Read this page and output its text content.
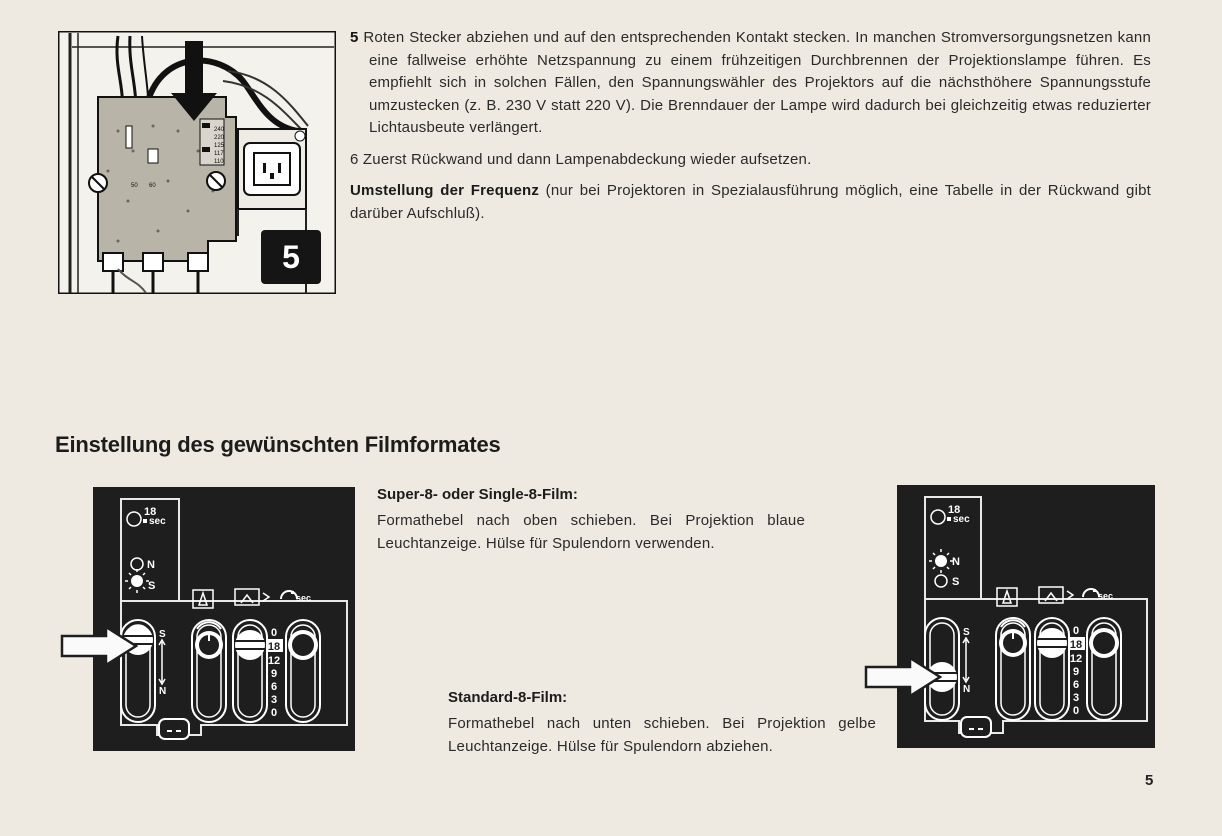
240
220
125
117
110
50 60
5

5 Roten Stecker abziehen und auf den entsprechenden Kontakt stecken. In manchen Stromversorgungsnetzen kann eine fallweise erhöhte Netzspannung zu einem frühzeitigen Durchbrennen der Projektionslampe führen. Es empfiehlt sich in solchen Fällen, den Spannungswähler des Projektors auf die nächsthöhere Spannungsstufe umzustecken (z. B. 230 V statt 220 V). Die Brenndauer der Lampe wird dadurch bei gleichzeitig etwas reduzierter Lichtausbeute verlängert.

6 Zuerst Rückwand und dann Lampenabdeckung wieder aufsetzen.

Umstellung der Frequenz (nur bei Projektoren in Spezialausführung möglich, eine Tabelle in der Rückwand gibt darüber Aufschluß).

Einstellung des gewünschten Filmformates
18
sec
N
S
sec
S
N
0
18
12
9
6
3
0

Super-8- oder Single-8-Film:

Formathebel nach oben schieben. Bei Projektion blaue Leuchtanzeige. Hülse für Spulendorn verwenden.

Standard-8-Film:

Formathebel nach unten schieben. Bei Projektion gelbe Leuchtanzeige. Hülse für Spulendorn abziehen.

18
sec
N
S
sec
S
N
0
18
12
9
6
3
0
5
